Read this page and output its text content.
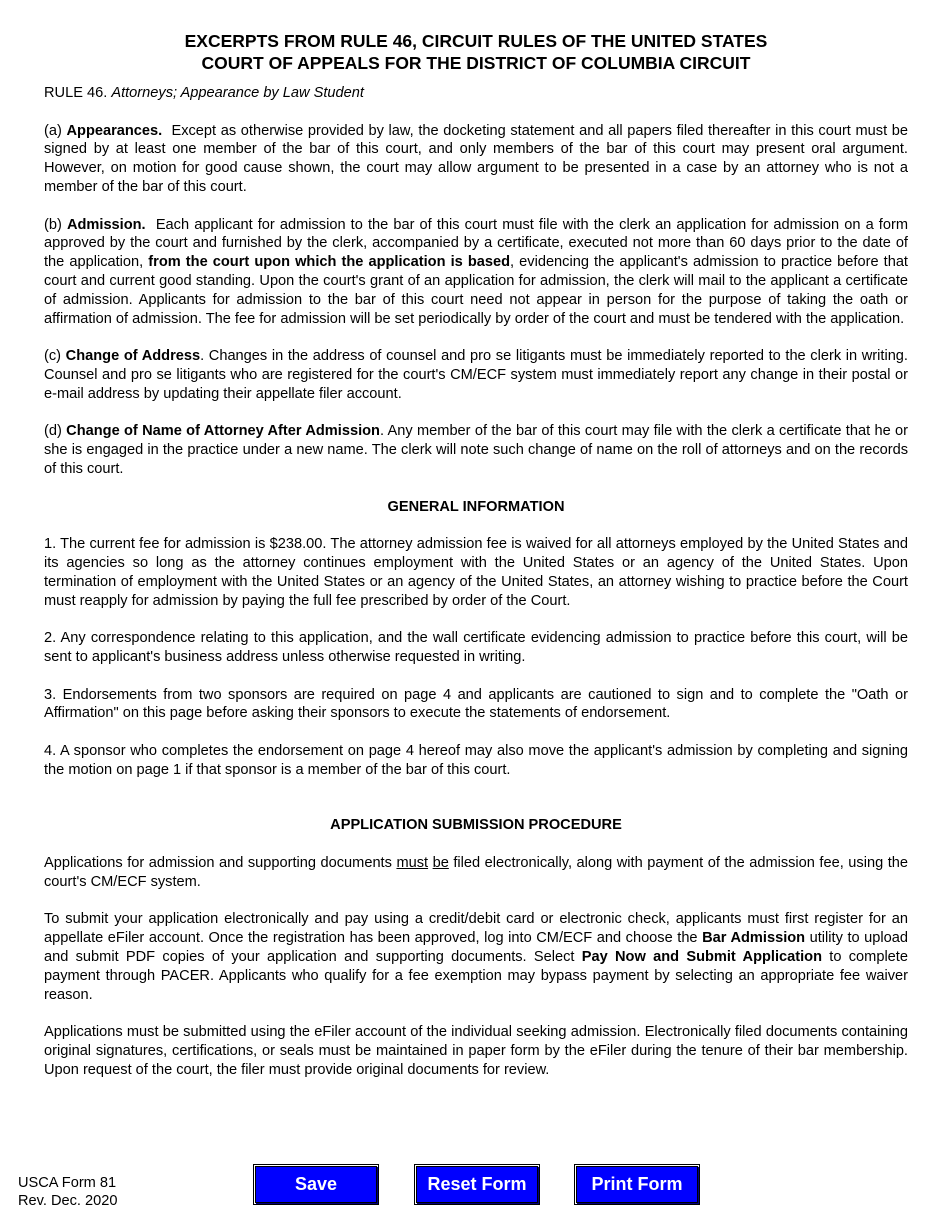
EXCERPTS FROM RULE 46, CIRCUIT RULES OF THE UNITED STATES
COURT OF APPEALS FOR THE DISTRICT OF COLUMBIA CIRCUIT
RULE 46. Attorneys; Appearance by Law Student

(a) Appearances. Except as otherwise provided by law, the docketing statement and all papers filed thereafter in this court must be signed by at least one member of the bar of this court, and only members of the bar of this court may present oral argument. However, on motion for good cause shown, the court may allow argument to be presented in a case by an attorney who is not a member of the bar of this court.

(b) Admission. Each applicant for admission to the bar of this court must file with the clerk an application for admission on a form approved by the court and furnished by the clerk, accompanied by a certificate, executed not more than 60 days prior to the date of the application, from the court upon which the application is based, evidencing the applicant's admission to practice before that court and current good standing. Upon the court's grant of an application for admission, the clerk will mail to the applicant a certificate of admission. Applicants for admission to the bar of this court need not appear in person for the purpose of taking the oath or affirmation of admission. The fee for admission will be set periodically by order of the court and must be tendered with the application.

(c) Change of Address. Changes in the address of counsel and pro se litigants must be immediately reported to the clerk in writing. Counsel and pro se litigants who are registered for the court's CM/ECF system must immediately report any change in their postal or e-mail address by updating their appellate filer account.

(d) Change of Name of Attorney After Admission. Any member of the bar of this court may file with the clerk a certificate that he or she is engaged in the practice under a new name. The clerk will note such change of name on the roll of attorneys and on the records of this court.

GENERAL INFORMATION

1. The current fee for admission is $238.00. The attorney admission fee is waived for all attorneys employed by the United States and its agencies so long as the attorney continues employment with the United States or an agency of the United States. Upon termination of employment with the United States or an agency of the United States, an attorney wishing to practice before the Court must reapply for admission by paying the full fee prescribed by order of the Court.

2. Any correspondence relating to this application, and the wall certificate evidencing admission to practice before this court, will be sent to applicant's business address unless otherwise requested in writing.

3. Endorsements from two sponsors are required on page 4 and applicants are cautioned to sign and to complete the "Oath or Affirmation" on this page before asking their sponsors to execute the statements of endorsement.

4. A sponsor who completes the endorsement on page 4 hereof may also move the applicant's admission by completing and signing the motion on page 1 if that sponsor is a member of the bar of this court.

APPLICATION SUBMISSION PROCEDURE

Applications for admission and supporting documents must be filed electronically, along with payment of the admission fee, using the court's CM/ECF system.

To submit your application electronically and pay using a credit/debit card or electronic check, applicants must first register for an appellate eFiler account. Once the registration has been approved, log into CM/ECF and choose the Bar Admission utility to upload and submit PDF copies of your application and supporting documents. Select Pay Now and Submit Application to complete payment through PACER. Applicants who qualify for a fee exemption may bypass payment by selecting an appropriate fee waiver reason.

Applications must be submitted using the eFiler account of the individual seeking admission. Electronically filed documents containing original signatures, certifications, or seals must be maintained in paper form by the eFiler during the tenure of their bar membership. Upon request of the court, the filer must provide original documents for review.

USCA Form 81
Rev. Dec. 2020
Save	Reset Form	Print Form
